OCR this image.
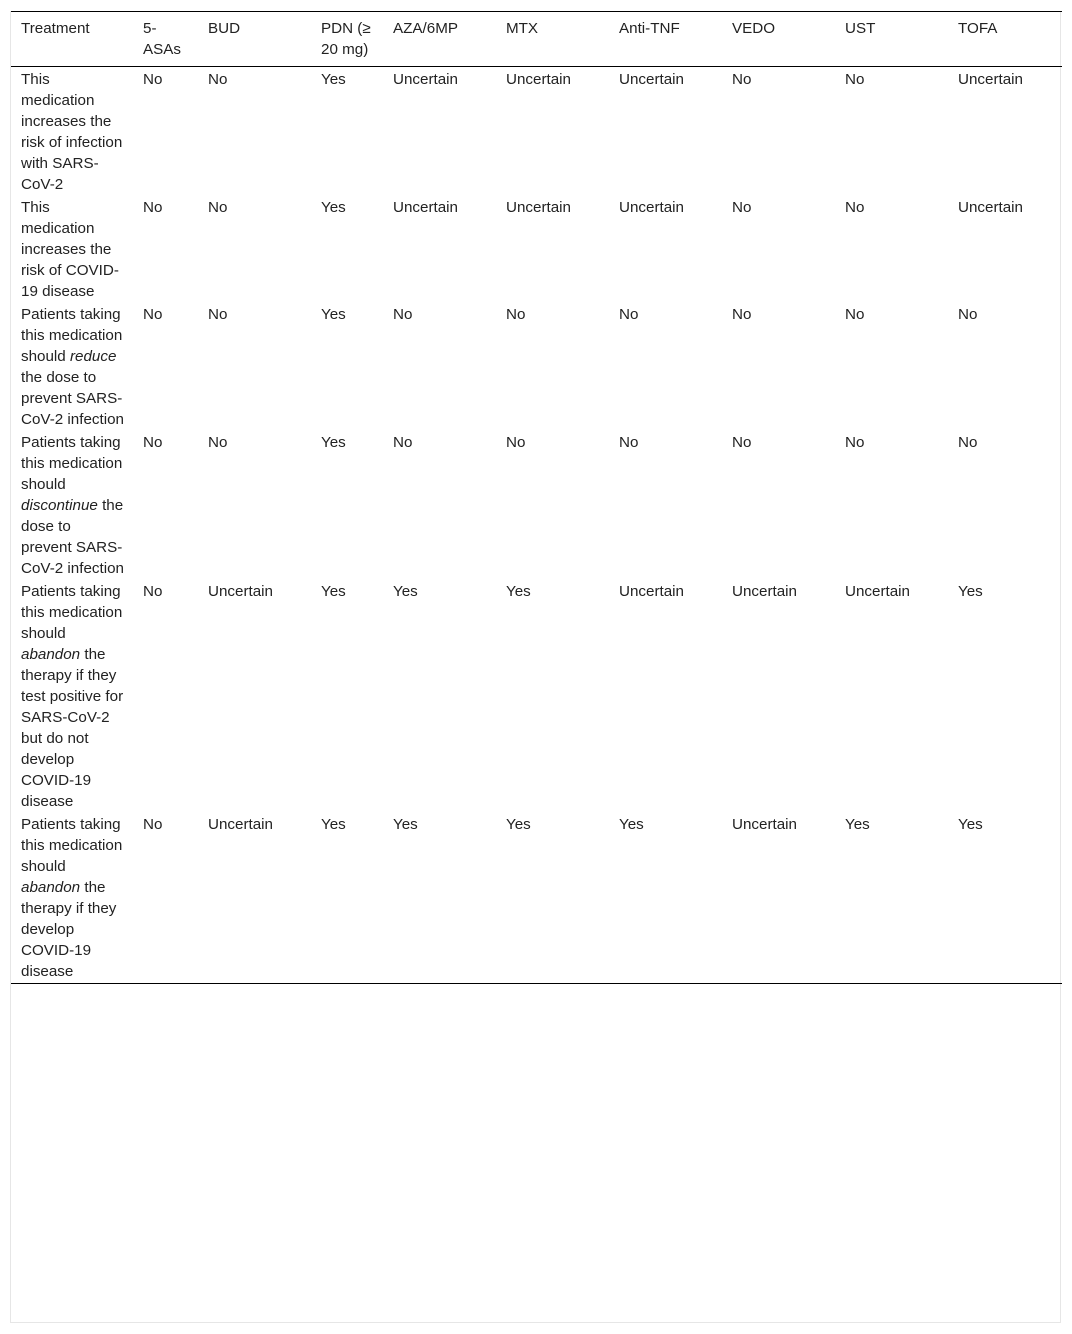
Treatment	5-ASAs	BUD	PDN (≥ 20 mg)	AZA/6MP	MTX	Anti-TNF	VEDO	UST	TOFA
This medication increases the risk of infection with SARS-CoV-2	No	No	Yes	Uncertain	Uncertain	Uncertain	No	No	Uncertain
This medication increases the risk of COVID-19 disease	No	No	Yes	Uncertain	Uncertain	Uncertain	No	No	Uncertain
Patients taking this medication should reduce the dose to prevent SARS-CoV-2 infection	No	No	Yes	No	No	No	No	No	No
Patients taking this medication should discontinue the dose to prevent SARS-CoV-2 infection	No	No	Yes	No	No	No	No	No	No
Patients taking this medication should abandon the therapy if they test positive for SARS-CoV-2 but do not develop COVID-19 disease	No	Uncertain	Yes	Yes	Yes	Uncertain	Uncertain	Uncertain	Yes
Patients taking this medication should abandon the therapy if they develop COVID-19 disease	No	Uncertain	Yes	Yes	Yes	Yes	Uncertain	Yes	Yes
